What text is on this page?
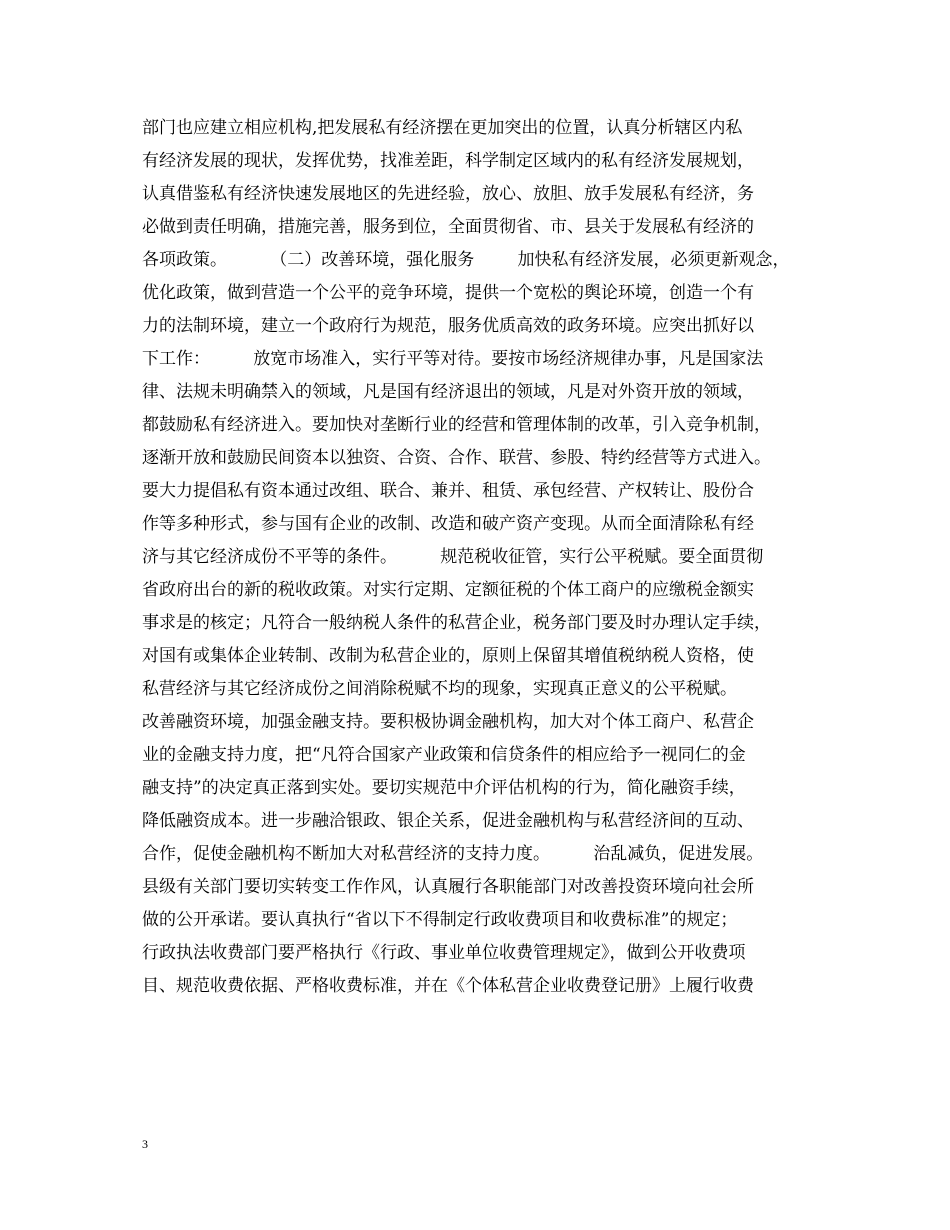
部门也应建立相应机构,把发展私有经济摆在更加突出的位置，认真分析辖区内私
有经济发展的现状，发挥优势，找准差距，科学制定区域内的私有经济发展规划，
认真借鉴私有经济快速发展地区的先进经验，放心、放胆、放手发展私有经济，务
必做到责任明确，措施完善，服务到位，全面贯彻省、市、县关于发展私有经济的
各项政策。        （二）改善环境，强化服务        加快私有经济发展，必须更新观念，
优化政策，做到营造一个公平的竞争环境，提供一个宽松的舆论环境，创造一个有
力的法制环境，建立一个政府行为规范，服务优质高效的政务环境。应突出抓好以
下工作：        放宽市场准入，实行平等对待。要按市场经济规律办事，凡是国家法
律、法规未明确禁入的领域，凡是国有经济退出的领域，凡是对外资开放的领域，
都鼓励私有经济进入。要加快对垄断行业的经营和管理体制的改革，引入竞争机制，
逐渐开放和鼓励民间资本以独资、合资、合作、联营、参股、特约经营等方式进入。
要大力提倡私有资本通过改组、联合、兼并、租赁、承包经营、产权转让、股份合
作等多种形式，参与国有企业的改制、改造和破产资产变现。从而全面清除私有经
济与其它经济成份不平等的条件。        规范税收征管，实行公平税赋。要全面贯彻
省政府出台的新的税收政策。对实行定期、定额征税的个体工商户的应缴税金额实
事求是的核定；凡符合一般纳税人条件的私营企业，税务部门要及时办理认定手续，
对国有或集体企业转制、改制为私营企业的，原则上保留其增值税纳税人资格，使
私营经济与其它经济成份之间消除税赋不均的现象，实现真正意义的公平税赋。
改善融资环境，加强金融支持。要积极协调金融机构，加大对个体工商户、私营企
业的金融支持力度，把“凡符合国家产业政策和信贷条件的相应给予一视同仁的金
融支持”的决定真正落到实处。要切实规范中介评估机构的行为，简化融资手续，
降低融资成本。进一步融洽银政、银企关系，促进金融机构与私营经济间的互动、
合作，促使金融机构不断加大对私营经济的支持力度。        治乱减负，促进发展。
县级有关部门要切实转变工作作风，认真履行各职能部门对改善投资环境向社会所
做的公开承诺。要认真执行“省以下不得制定行政收费项目和收费标准”的规定；
行政执法收费部门要严格执行《行政、事业单位收费管理规定》，做到公开收费项
目、规范收费依据、严格收费标准，并在《个体私营企业收费登记册》上履行收费
3
